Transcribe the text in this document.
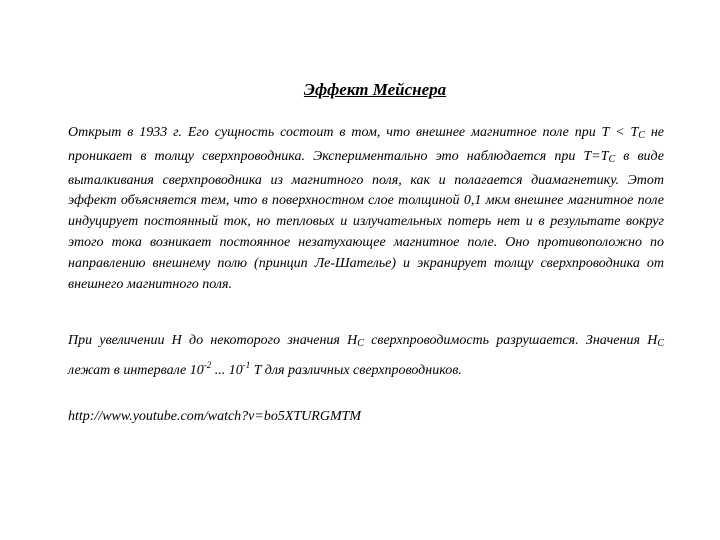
Эффект Мейснера
Открыт в 1933 г. Его сущность состоит в том, что внешнее магнитное поле при $T < T_C$ не проникает в толщу сверхпроводника. Экспериментально это наблюдается при $T=T_C$ в виде выталкивания сверхпроводника из магнитного поля, как и полагается диамагнетику. Этот эффект объясняется тем, что в поверхностном слое толщиной 0,1 мкм внешнее магнитное поле индуцирует постоянный ток, но тепловых и излучательных потерь нет и в результате вокруг этого тока возникает постоянное незатухающее магнитное поле. Оно противоположно по направлению внешнему полю (принцип Ле-Шателье) и экранирует толщу сверхпроводника от внешнего магнитного поля.
При увеличении H до некоторого значения $H_C$ сверхпроводимость разрушается. Значения $H_C$ лежат в интервале $10^{-2}$ ... $10^{-1}$ T для различных сверхпроводников.
http://www.youtube.com/watch?v=bo5XTURGMTM
